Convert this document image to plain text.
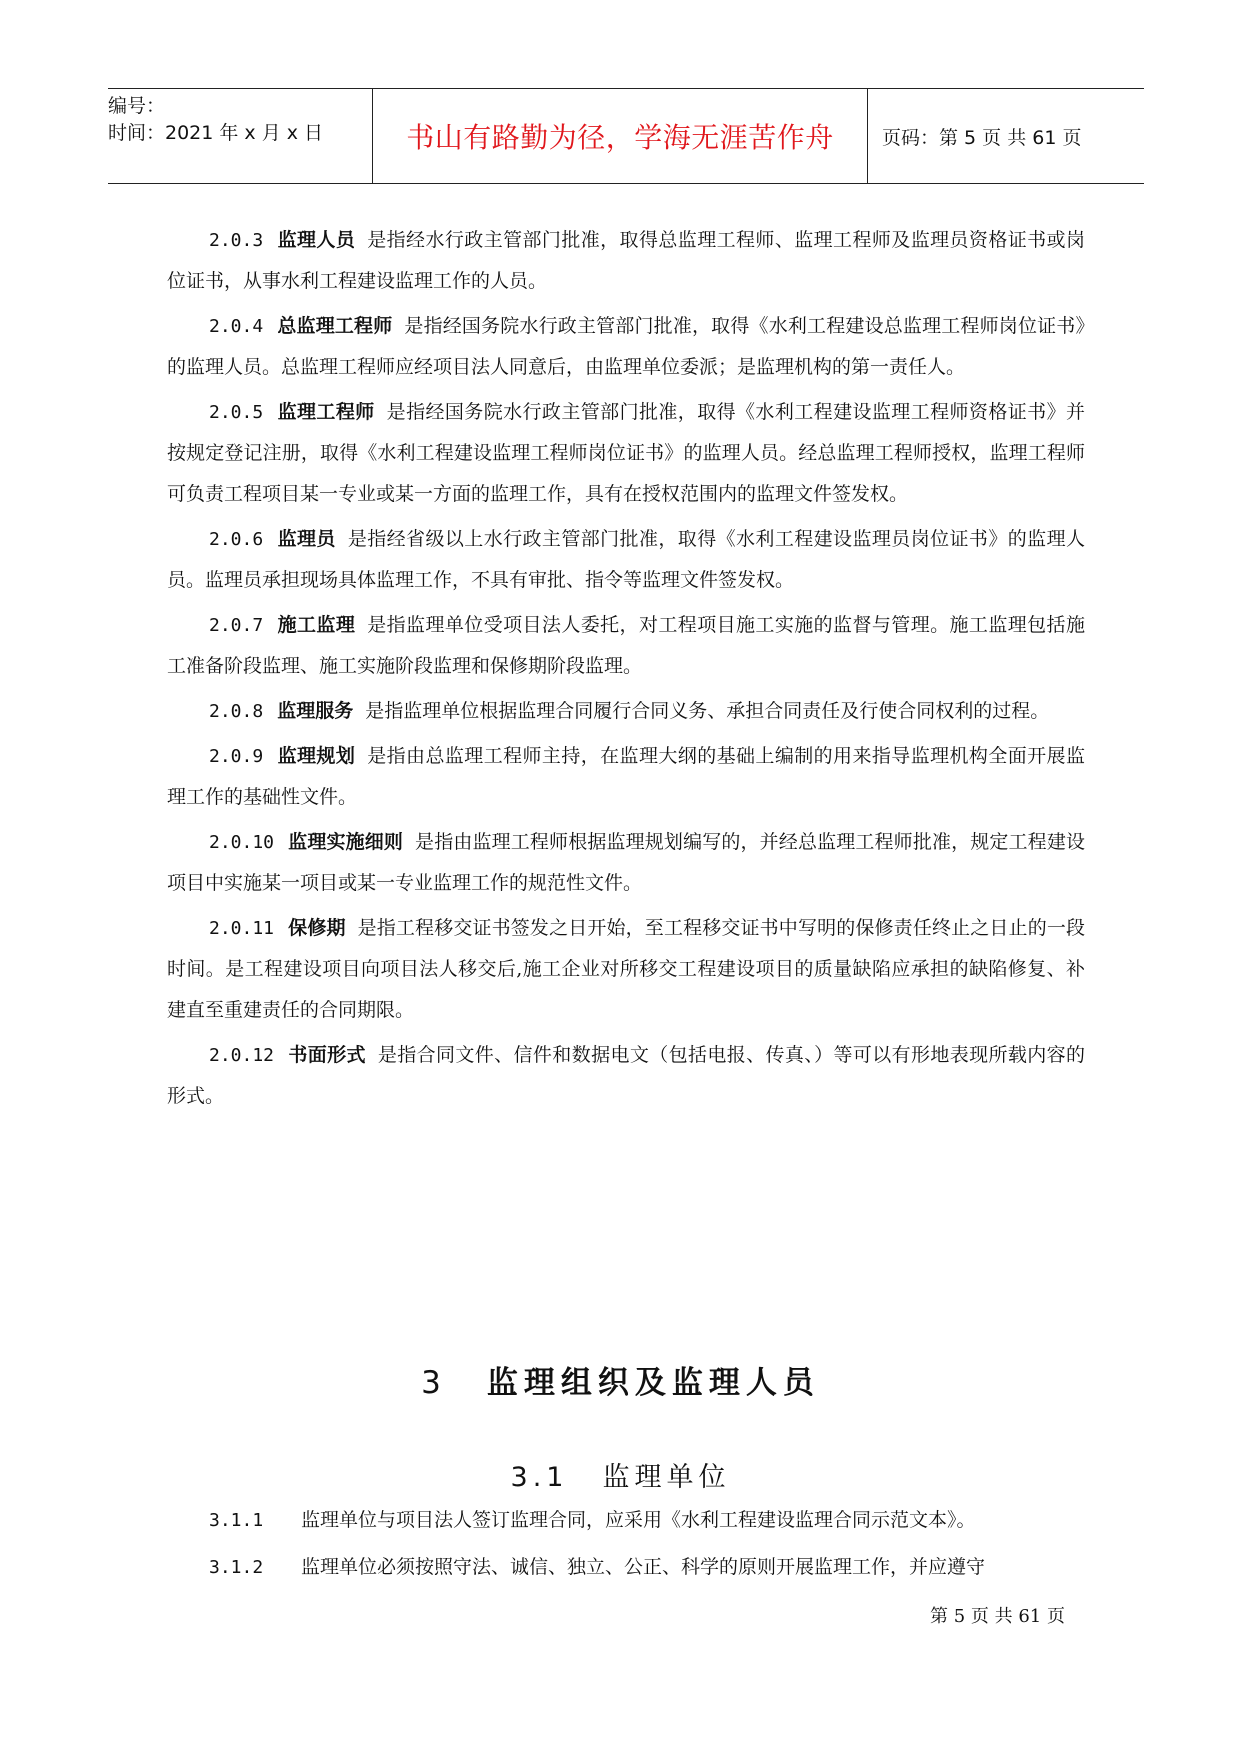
编号：
时间：2021 年 x 月 x 日	书山有路勤为径，学海无涯苦作舟	页码：第 5 页 共 61 页

2.0.3 监理人员 是指经水行政主管部门批准，取得总监理工程师、监理工程师及监理员资格证书或岗位证书，从事水利工程建设监理工作的人员。

2.0.4 总监理工程师 是指经国务院水行政主管部门批准，取得《水利工程建设总监理工程师岗位证书》的监理人员。总监理工程师应经项目法人同意后，由监理单位委派；是监理机构的第一责任人。

2.0.5 监理工程师 是指经国务院水行政主管部门批准，取得《水利工程建设监理工程师资格证书》并按规定登记注册，取得《水利工程建设监理工程师岗位证书》的监理人员。经总监理工程师授权，监理工程师可负责工程项目某一专业或某一方面的监理工作，具有在授权范围内的监理文件签发权。

2.0.6 监理员 是指经省级以上水行政主管部门批准，取得《水利工程建设监理员岗位证书》的监理人员。监理员承担现场具体监理工作，不具有审批、指令等监理文件签发权。

2.0.7 施工监理 是指监理单位受项目法人委托，对工程项目施工实施的监督与管理。施工监理包括施工准备阶段监理、施工实施阶段监理和保修期阶段监理。

2.0.8 监理服务 是指监理单位根据监理合同履行合同义务、承担合同责任及行使合同权利的过程。

2.0.9 监理规划 是指由总监理工程师主持，在监理大纲的基础上编制的用来指导监理机构全面开展监理工作的基础性文件。

2.0.10 监理实施细则 是指由监理工程师根据监理规划编写的，并经总监理工程师批准，规定工程建设项目中实施某一项目或某一专业监理工作的规范性文件。

2.0.11 保修期 是指工程移交证书签发之日开始，至工程移交证书中写明的保修责任终止之日止的一段时间。是工程建设项目向项目法人移交后,施工企业对所移交工程建设项目的质量缺陷应承担的缺陷修复、补建直至重建责任的合同期限。

2.0.12 书面形式 是指合同文件、信件和数据电文（包括电报、传真、）等可以有形地表现所载内容的形式。

3 监理组织及监理人员
3.1 监理单位
3.1.1 监理单位与项目法人签订监理合同，应采用《水利工程建设监理合同示范文本》。
3.1.2 监理单位必须按照守法、诚信、独立、公正、科学的原则开展监理工作，并应遵守
第 5 页 共 61 页
